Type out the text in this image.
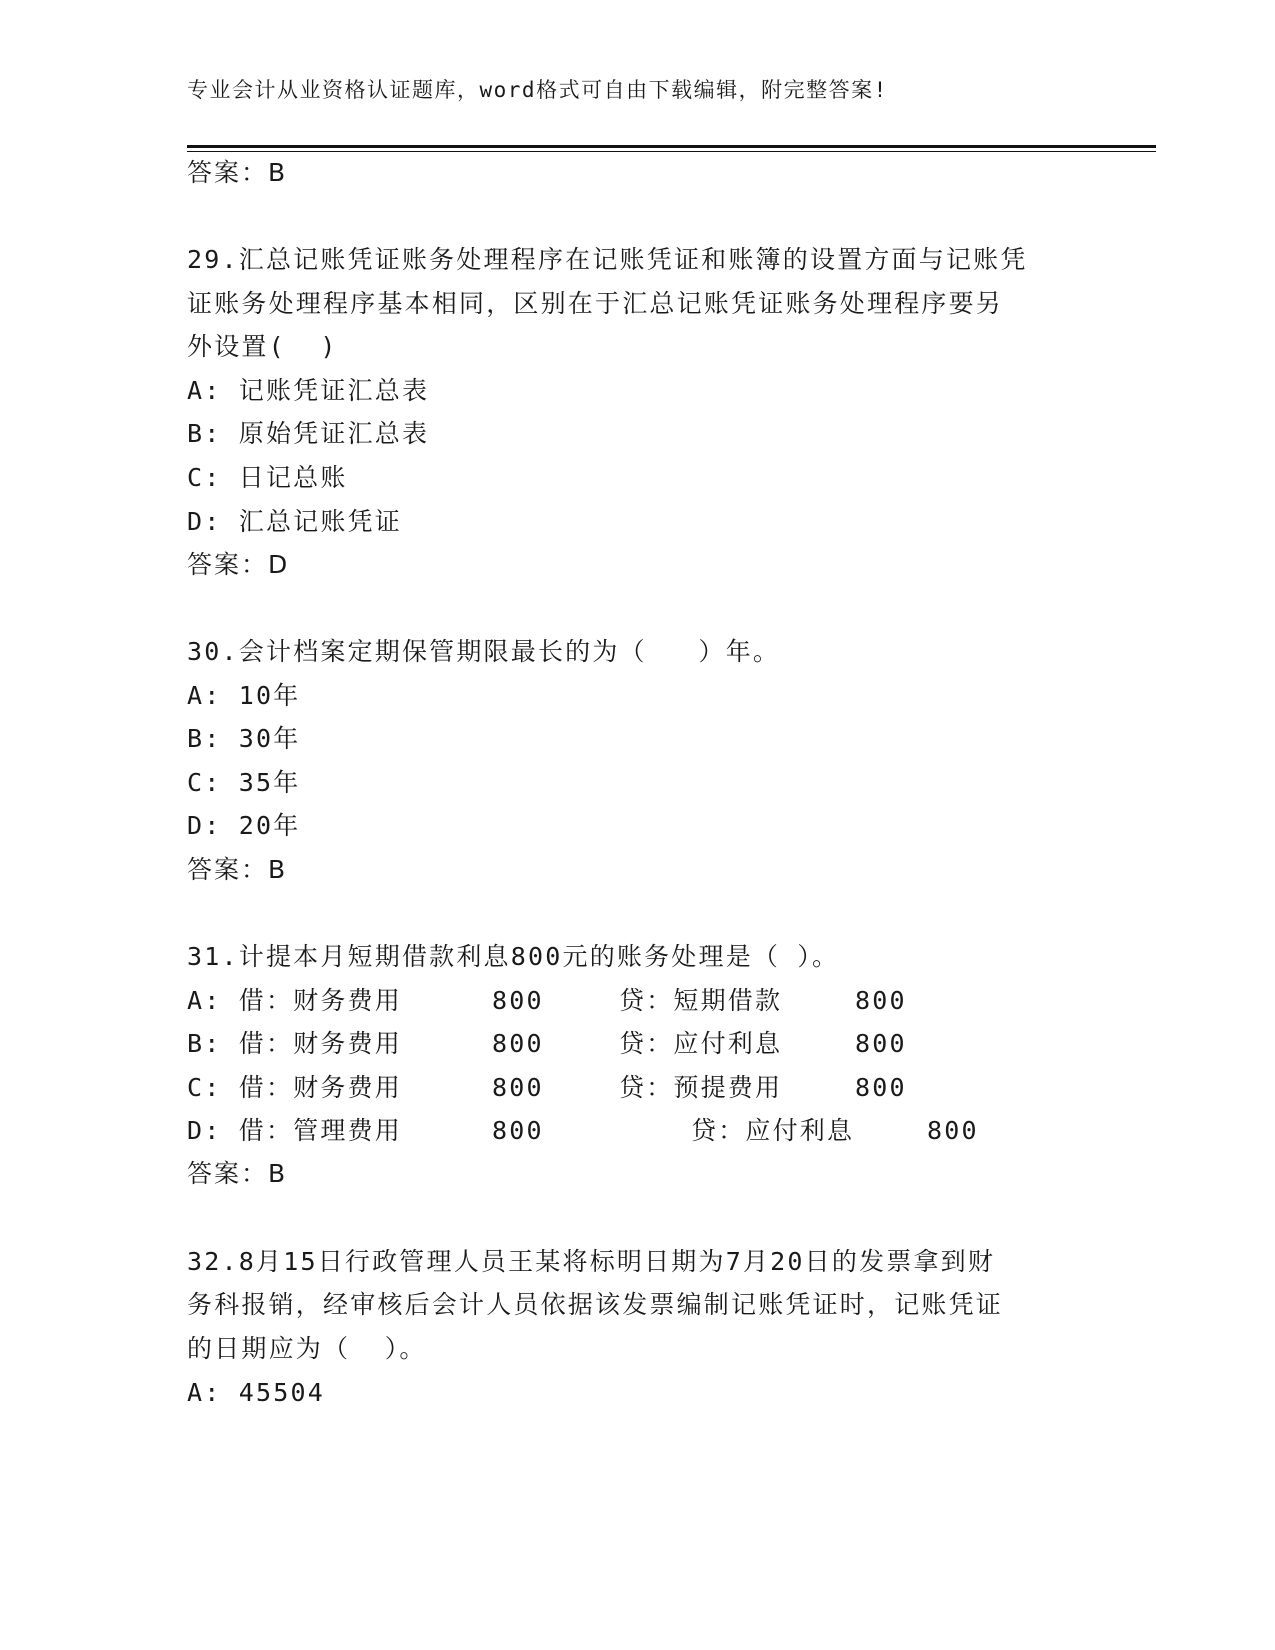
专业会计从业资格认证题库，word格式可自由下载编辑，附完整答案!
答案：B
29.汇总记账凭证账务处理程序在记账凭证和账簿的设置方面与记账凭
证账务处理程序基本相同，区别在于汇总记账凭证账务处理程序要另
外设置(  )
A: 记账凭证汇总表
B: 原始凭证汇总表
C: 日记总账
D: 汇总记账凭证
答案：D
30.会计档案定期保管期限最长的为（   ）年。
A: 10年
B: 30年
C: 35年
D: 20年
答案：B
31.计提本月短期借款利息800元的账务处理是（ ）。
A: 借：财务费用	800	贷：短期借款	800
B: 借：财务费用	800	贷：应付利息	800
C: 借：财务费用	800	贷：预提费用	800
D: 借：管理费用	800	贷：应付利息	800
答案：B
32.8月15日行政管理人员王某将标明日期为7月20日的发票拿到财
务科报销，经审核后会计人员依据该发票编制记账凭证时，记账凭证
的日期应为（  ）。
A: 45504
